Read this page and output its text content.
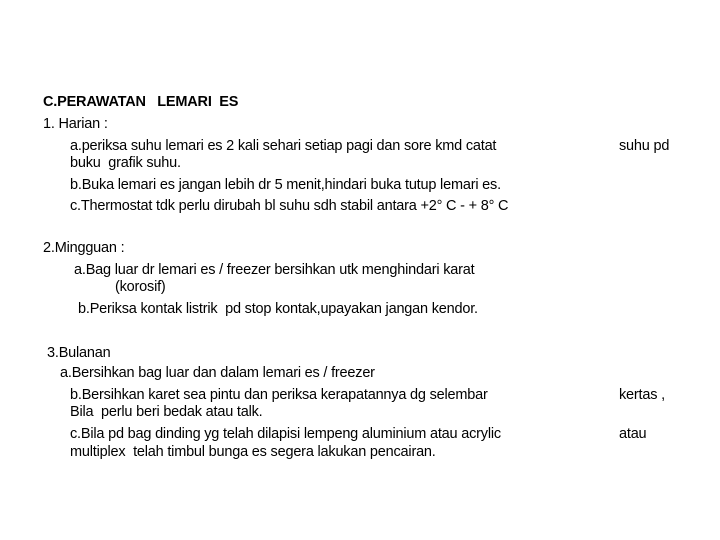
C.PERAWATAN   LEMARI  ES
1. Harian :
a.periksa suhu lemari es 2 kali sehari setiap pagi dan sore kmd catat	suhu pd
buku  grafik suhu.
b.Buka lemari es jangan lebih dr 5 menit,hindari buka tutup lemari es.
c.Thermostat tdk perlu dirubah bl suhu sdh stabil antara +2° C - + 8° C
2.Mingguan :
a.Bag luar dr lemari es / freezer bersihkan utk menghindari karat
(korosif)
b.Periksa kontak listrik  pd stop kontak,upayakan jangan kendor.
3.Bulanan
a.Bersihkan bag luar dan dalam lemari es / freezer
b.Bersihkan karet sea pintu dan periksa kerapatannya dg selembar	kertas ,
Bila  perlu beri bedak atau talk.
c.Bila pd bag dinding yg telah dilapisi lempeng aluminium atau acrylic	atau
multiplex  telah timbul bunga es segera lakukan pencairan.
